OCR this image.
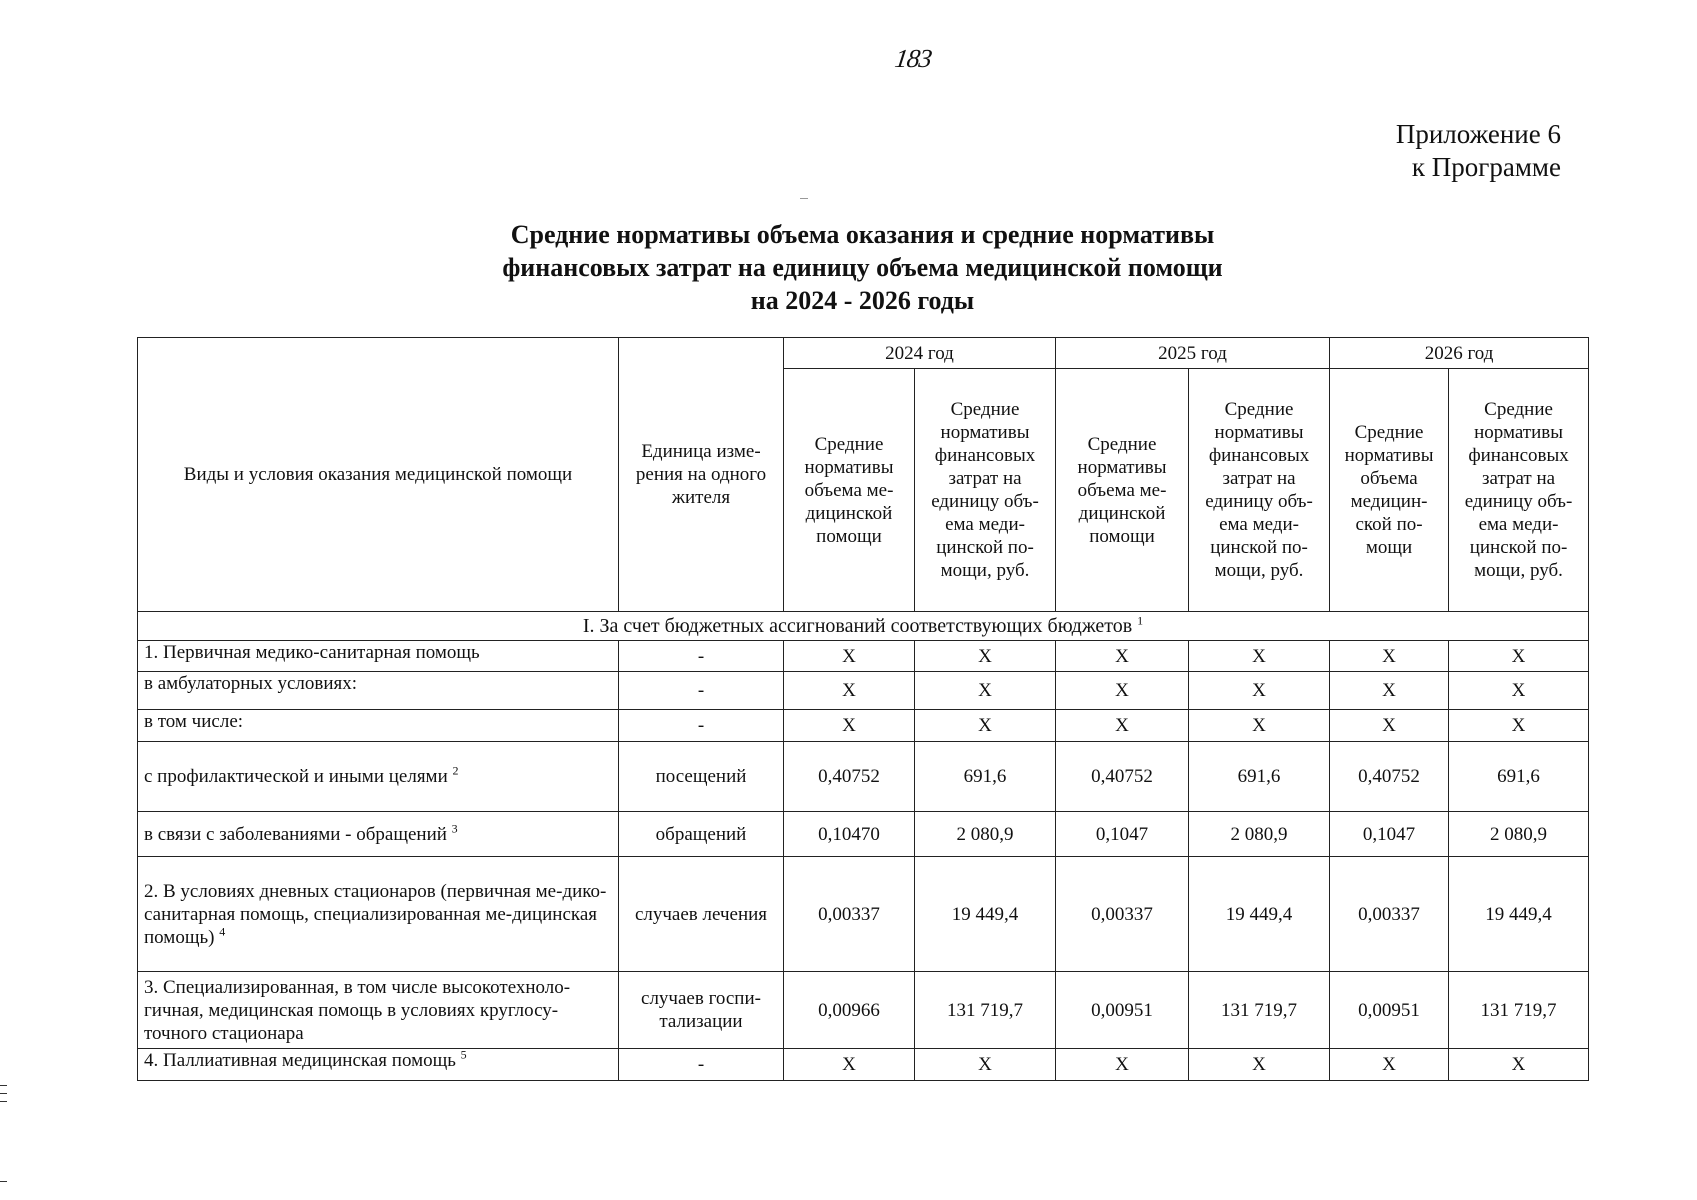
183
Приложение 6
к Программе
Средние нормативы объема оказания и средние нормативы
финансовых затрат на единицу объема медицинской помощи
на 2024 - 2026 годы
Виды и условия оказания медицинской помощи	Единица изме-рения на одного жителя	2024 год		2025 год		2026 год	
		Средние нормативы объема ме-дицинской помощи	Средние нормативы финансовых затрат на единицу объ-ема меди-цинской по-мощи, руб.	Средние нормативы объема ме-дицинской помощи	Средние нормативы финансовых затрат на единицу объ-ема меди-цинской по-мощи, руб.	Средние нормативы объема медицин-ской по-мощи	Средние нормативы финансовых затрат на единицу объ-ема меди-цинской по-мощи, руб.
I. За счет бюджетных ассигнований соответствующих бюджетов $^1$
1. Первичная медико-санитарная помощь	-	X	X	X	X	X	X
в амбулаторных условиях:	-	X	X	X	X	X	X
в том числе:	-	X	X	X	X	X	X
с профилактической и иными целями $^2$	посещений	0,40752	691,6	0,40752	691,6	0,40752	691,6
в связи с заболеваниями - обращений $^3$	обращений	0,10470	2 080,9	0,1047	2 080,9	0,1047	2 080,9
2. В условиях дневных стационаров (первичная ме-дико-санитарная помощь, специализированная ме-дицинская помощь) $^4$	случаев лечения	0,00337	19 449,4	0,00337	19 449,4	0,00337	19 449,4
3. Специализированная, в том числе высокотехноло-гичная, медицинская помощь в условиях круглосу-точного стационара	случаев госпи-тализации	0,00966	131 719,7	0,00951	131 719,7	0,00951	131 719,7
4. Паллиативная медицинская помощь $^5$	-	X	X	X	X	X	X
